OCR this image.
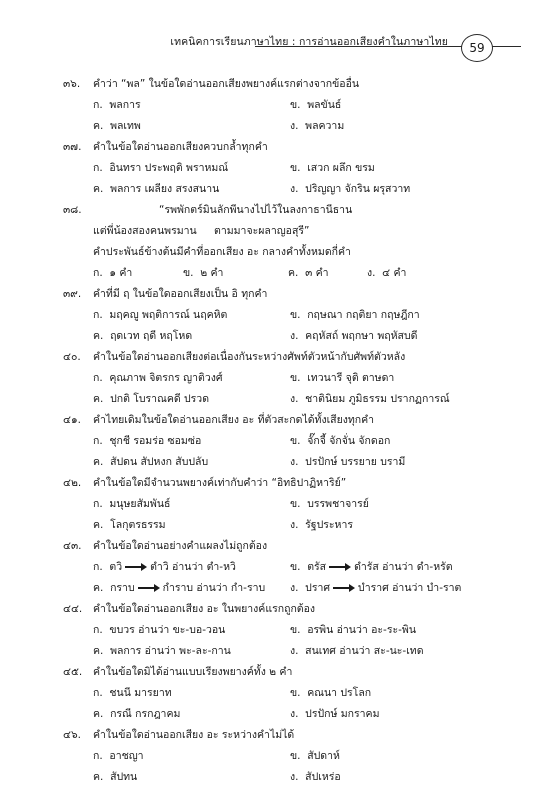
เทคนิคการเรียนภาษาไทย : การอ่านออกเสียงคำในภาษาไทย	59
๓๖. คำว่า “พล” ในข้อใดอ่านออกเสียงพยางค์แรกต่างจากข้ออื่น
ก. พลการ	ข. พลขันธ์
ค. พลเทพ	ง. พลความ
๓๗. คำในข้อใดอ่านออกเสียงควบกล้ำทุกคำ
ก. อินทรา ประพฤติ พราหมณ์	ข. เสวก ผลึก ขรม
ค. พลการ เผลียง สรงสนาน	ง. ปริญญา จักริน ผรุสวาท
๓๘.	“รพพักตร์มินลักพีนางไป ไว้ในลงกาธานีธาน
แต่พี่น้องสองคนพรมาน ตามมาจะผลาญอสุรี”
คำประพันธ์ข้างต้นมีคำที่ออกเสียง อะ กลางคำทั้งหมดกี่คำ
ก. ๑ คำ	ข. ๒ คำ	ค. ๓ คำ	ง. ๔ คำ
๓๙. คำที่มี ฤ ในข้อใดออกเสียงเป็น อิ ทุกคำ
ก. มฤคญู พฤติการณ์ นฤคหิต	ข. กฤษณา กฤติยา กฤษฎีกา
ค. ฤดเวท ฤดี หฤโหด	ง. คฤหัสถ์ พฤกษา พฤหัสบดี
๔๐. คำในข้อใดอ่านออกเสียงต่อเนื่องกันระหว่างศัพท์ตัวหน้ากับศัพท์ตัวหลัง
ก. คุณภาพ จิตรกร ญาติวงศ์	ข. เทวนารี จุติ ตาษดา
ค. ปกติ โบราณคดี ปรวด	ง. ชาตินิยม ภูมิธรรม ปรากฏการณ์
๔๑. คำไทยเดิมในข้อใดอ่านออกเสียง อะ ที่ตัวสะกดได้ทั้งเสียงทุกคำ
ก. ชุกชี รอมร่อ ซอมซ่อ	ข. จั๊กจี้ จักจั่น จักดอก
ค. สัปดน สัปหงก สับปลับ	ง. ปรปักษ์ บรรยาย บรามี
๔๒. คำในข้อใดมีจำนวนพยางค์เท่ากับคำว่า “อิทธิปาฏิหาริย์”
ก. มนุษยสัมพันธ์	ข. บรรพชาจารย์
ค. โลกุตรธรรม	ง. รัฐประหาร
๔๓. คำในข้อใดอ่านอย่างคำแผลงไม่ถูกต้อง
ก. ตวิ	ตำวิ อ่านว่า ตำ-หวิ	ข. ตรัส	ดำรัส อ่านว่า ดำ-หรัต
ค. กราบ	กำราบ อ่านว่า กำ-ราบ ง. ปราศ	บำราศ อ่านว่า บำ-ราต
๔๔. คำในข้อใดอ่านออกเสียง อะ ในพยางค์แรกถูกต้อง
ก. ขบวร อ่านว่า ขะ-บอ-วอน	ข. อรพิน อ่านว่า อะ-ระ-พิน
ค. พลการ อ่านว่า พะ-ละ-กาน	ง. สนเทศ อ่านว่า สะ-นะ-เทด
๔๕. คำในข้อใดมิได้อ่านแบบเรียงพยางค์ทั้ง ๒ คำ
ก. ชนนี มารยาท	ข. คณนา ปรโลก
ค. กรณี กรกฎาคม	ง. ปรปักษ์ มกราคม
๔๖. คำในข้อใดอ่านออกเสียง อะ ระหว่างคำไม่ได้
ก. อาชญา	ข. สัปดาห์
ค. สัปทน	ง. สัปเหร่อ
